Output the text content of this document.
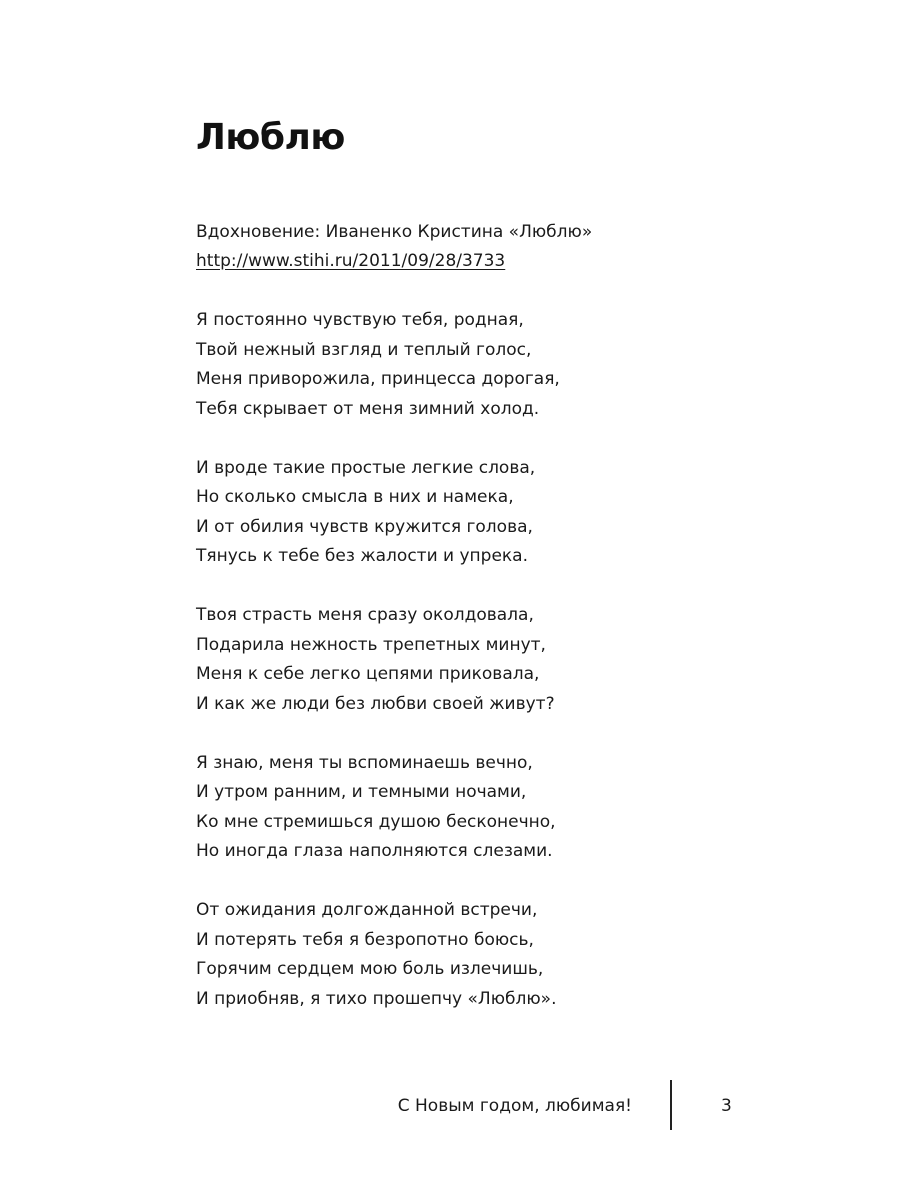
Люблю
Вдохновение: Иваненко Кристина «Люблю»
http://www.stihi.ru/2011/09/28/3733
Я постоянно чувствую тебя, родная,
Твой нежный взгляд и теплый голос,
Меня приворожила, принцесса дорогая,
Тебя скрывает от меня зимний холод.
И вроде такие простые легкие слова,
Но сколько смысла в них и намека,
И от обилия чувств кружится голова,
Тянусь к тебе без жалости и упрека.
Твоя страсть меня сразу околдовала,
Подарила нежность трепетных минут,
Меня к себе легко цепями приковала,
И как же люди без любви своей живут?
Я знаю, меня ты вспоминаешь вечно,
И утром ранним, и темными ночами,
Ко мне стремишься душою бесконечно,
Но иногда глаза наполняются слезами.
От ожидания долгожданной встречи,
И потерять тебя я безропотно боюсь,
Горячим сердцем мою боль излечишь,
И приобняв, я тихо прошепчу «Люблю».
С Новым годом, любимая!	3
